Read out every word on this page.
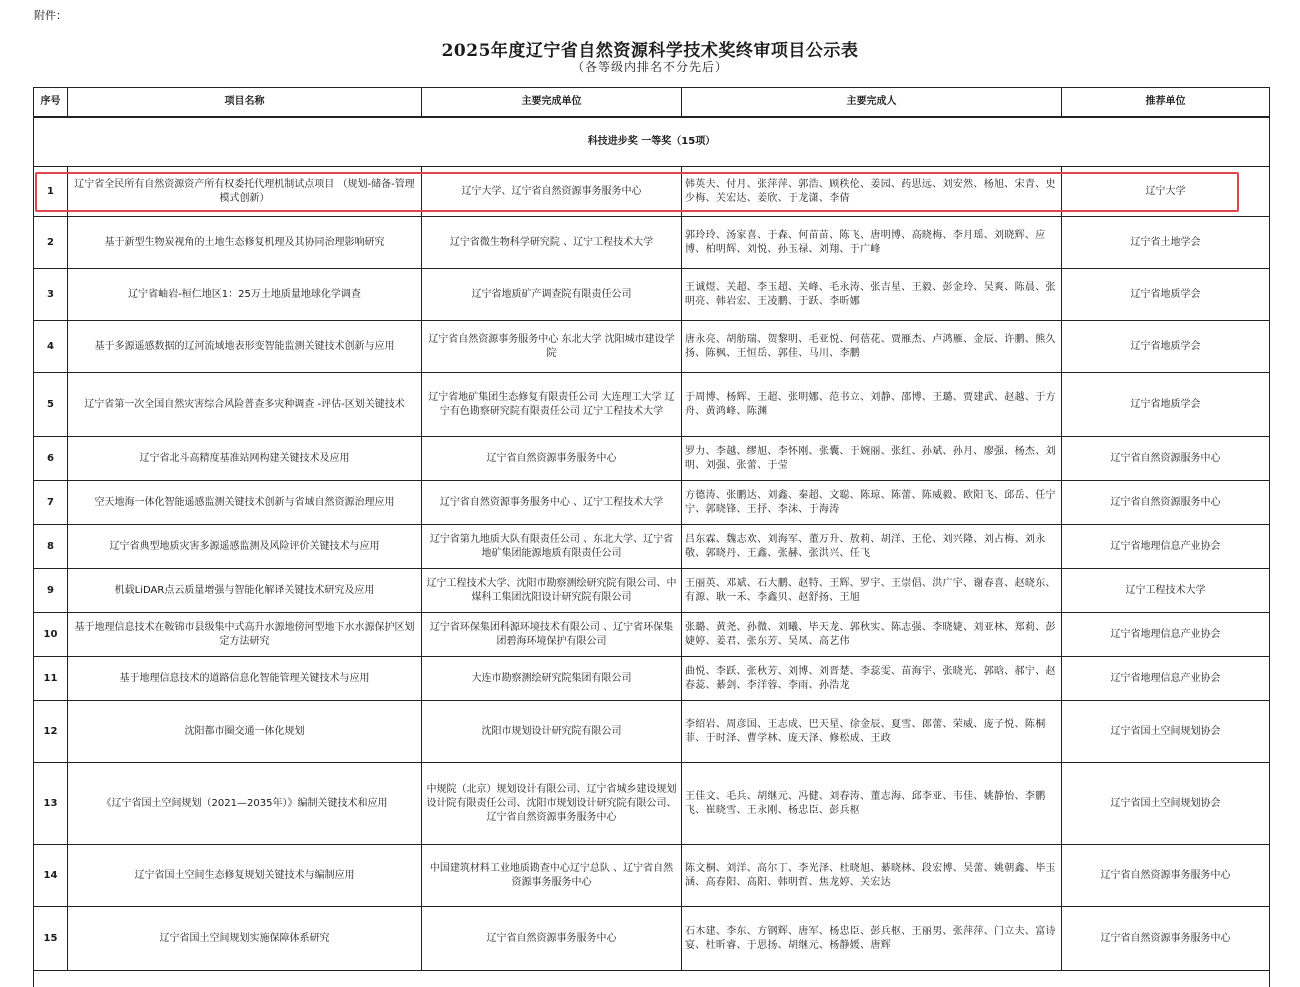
附件：
2025年度辽宁省自然资源科学技术奖终审项目公示表
（各等级内排名不分先后）
序号	项目名称	主要完成单位	主要完成人	推荐单位
科技进步奖 一等奖（15项）				
1	辽宁省全民所有自然资源资产所有权委托代理机制试点项目 （规划-储备-管理模式创新）	辽宁大学、辽宁省自然资源事务服务中心	韩英夫、付月、张萍萍、郭浩、顾秩伦、姜园、药思远、刘安然、杨旭、宋青、史少梅、关宏达、姜欣、于龙潇、李倩	辽宁大学
2	基于新型生物炭视角的土地生态修复机理及其协同治理影响研究	辽宁省微生物科学研究院 、辽宁工程技术大学	郭玲玲、汤家喜、于森、何苗苗、陈飞、唐明博、高晓梅、李月瑶、刘晓辉、应博、柏明辉、刘悦、孙玉禄、刘翔、于广峰	辽宁省土地学会
3	辽宁省岫岩-桓仁地区1：25万土地质量地球化学调查	辽宁省地质矿产调查院有限责任公司	王诚煜、关超、李玉超、关峰、毛永涛、张吉星、王毅、彭金玲、吴爽、陈晨、张明亮、韩岩宏、王凌鹏、于跃、李昕娜	辽宁省地质学会
4	基于多源遥感数据的辽河流域地表形变智能监测关键技术创新与应用	辽宁省自然资源事务服务中心 东北大学 沈阳城市建设学院	唐永亮、胡舫瑞、贺黎明、毛亚悦、何蓓花、贾雁杰、卢鸿雁、金辰、许鹏、熊久扬、陈枫、王恒岳、郭佳、马川、李鹏	辽宁省地质学会
5	辽宁省第一次全国自然灾害综合风险普查多灾种调查 -评估-区划关键技术	辽宁省地矿集团生态修复有限责任公司 大连理工大学 辽宁有色勘察研究院有限责任公司 辽宁工程技术大学	于周博、杨辉、王超、张明娜、范书立、刘静、邵博、王璐、贾建武、赵越、于方舟、黄鸿峰、陈渊	辽宁省地质学会
6	辽宁省北斗高精度基准站网构建关键技术及应用	辽宁省自然资源事务服务中心	罗力、李越、缪旭、李怀刚、张囊、于婉丽、张红、孙斌、孙月、廖强、杨杰、刘明、刘强、张蕾、于莹	辽宁省自然资源服务中心
7	空天地海一体化智能遥感监测关键技术创新与省域自然资源治理应用	辽宁省自然资源事务服务中心 、辽宁工程技术大学	方德涛、张鹏达、刘鑫、秦超、文聪、陈琼、陈蕾、陈威毅、欧阳飞、邱岳、任宁宁、郭晓锋、王抒、李沫、于海涛	辽宁省自然资源服务中心
8	辽宁省典型地质灾害多源遥感监测及风险评价关键技术与应用	辽宁省第九地质大队有限责任公司 、东北大学、辽宁省地矿集团能源地质有限责任公司	吕东霖、魏志欢、刘海军、董万升、敖莉、胡洋、王伦、刘兴隆、刘占梅、刘永敬、郭晓丹、王鑫、张赫、张洪兴、任飞	辽宁省地理信息产业协会
9	机载LiDAR点云质量增强与智能化解译关键技术研究及应用	辽宁工程技术大学、沈阳市勘察测绘研究院有限公司、中煤科工集团沈阳设计研究院有限公司	王丽英、邓斌、石大鹏、赵特、王辉、罗宇、王崇倡、洪广宇、谢春喜、赵晓东、有源、耿一禾、李鑫贝、赵舒扬、王旭	辽宁工程技术大学
10	基于地理信息技术在鞍锦市县级集中式高升水源地傍河型地下水水源保护区划定方法研究	辽宁省环保集团科源环境技术有限公司 、辽宁省环保集团碧海环境保护有限公司	张璐、黄尧、孙微、刘曦、毕天龙、郭秋实、陈志强、李晓婕、刘亚林、郑莉、彭婕婷、姜君、张东芳、吴凤、高艺伟	辽宁省地理信息产业协会
11	基于地理信息技术的道路信息化智能管理关键技术与应用	大连市勘察测绘研究院集团有限公司	曲悦、李跃、张秋芳、刘博、刘晋楚、李蕊雯、苗海宇、张晓光、郭晗、郝宁、赵春蕊、綦剑、李洋蓉、李雨、孙浩龙	辽宁省地理信息产业协会
12	沈阳都市圈交通一体化规划	沈阳市规划设计研究院有限公司	李绍岩、周彦国、王志成、巴天星、徐金辰、夏雪、郎蕾、荣威、庞子悦、陈桐菲、于时泽、曹学林、庞天泽、修松成、王政	辽宁省国土空间规划协会
13	《辽宁省国土空间规划（2021—2035年）》编制关键技术和应用	中规院（北京）规划设计有限公司、辽宁省城乡建设规划设计院有限责任公司、沈阳市规划设计研究院有限公司、辽宁省自然资源事务服务中心	王佳文、毛兵、胡继元、冯健、刘春涛、董志海、邱李亚、韦佳、姚静怡、李鹏飞、崔晓雪、王永刚、杨忠臣、彭兵枢	辽宁省国土空间规划协会
14	辽宁省国土空间生态修复规划关键技术与编制应用	中国建筑材料工业地质勘查中心辽宁总队 、辽宁省自然资源事务服务中心	陈文桐、刘洋、高尔丁、李光泽、杜晓旭、綦晓林、段宏博、吴蕾、姚朝鑫、毕玉涵、高春阳、高阳、韩明哲、焦龙婷、关宏达	辽宁省自然资源事务服务中心
15	辽宁省国土空间规划实施保障体系研究	辽宁省自然资源事务服务中心	石木建、李东、方钢辉、唐军、杨忠臣、彭兵枢、王丽男、张萍萍、门立夫、富诗宴、杜昕睿、于思扬、胡继元、杨静媛、唐辉	辽宁省自然资源事务服务中心
